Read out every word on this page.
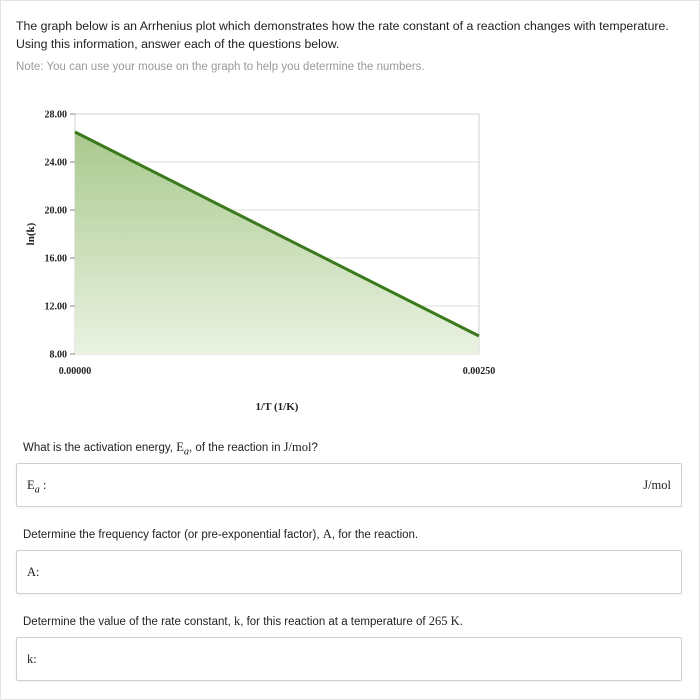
The graph below is an Arrhenius plot which demonstrates how the rate constant of a reaction changes with temperature. Using this information, answer each of the questions below.
Note: You can use your mouse on the graph to help you determine the numbers.
8.00
12.00
16.00
20.00
24.00
28.00
0.00000	0.00250
1/T (1/K)
ln(k)
What is the activation energy, $E_a$, of the reaction in J/mol?
$E_a$ :	J/mol
Determine the frequency factor (or pre-exponential factor), A, for the reaction.
A:
Determine the value of the rate constant, k, for this reaction at a temperature of 265 K.
k:
